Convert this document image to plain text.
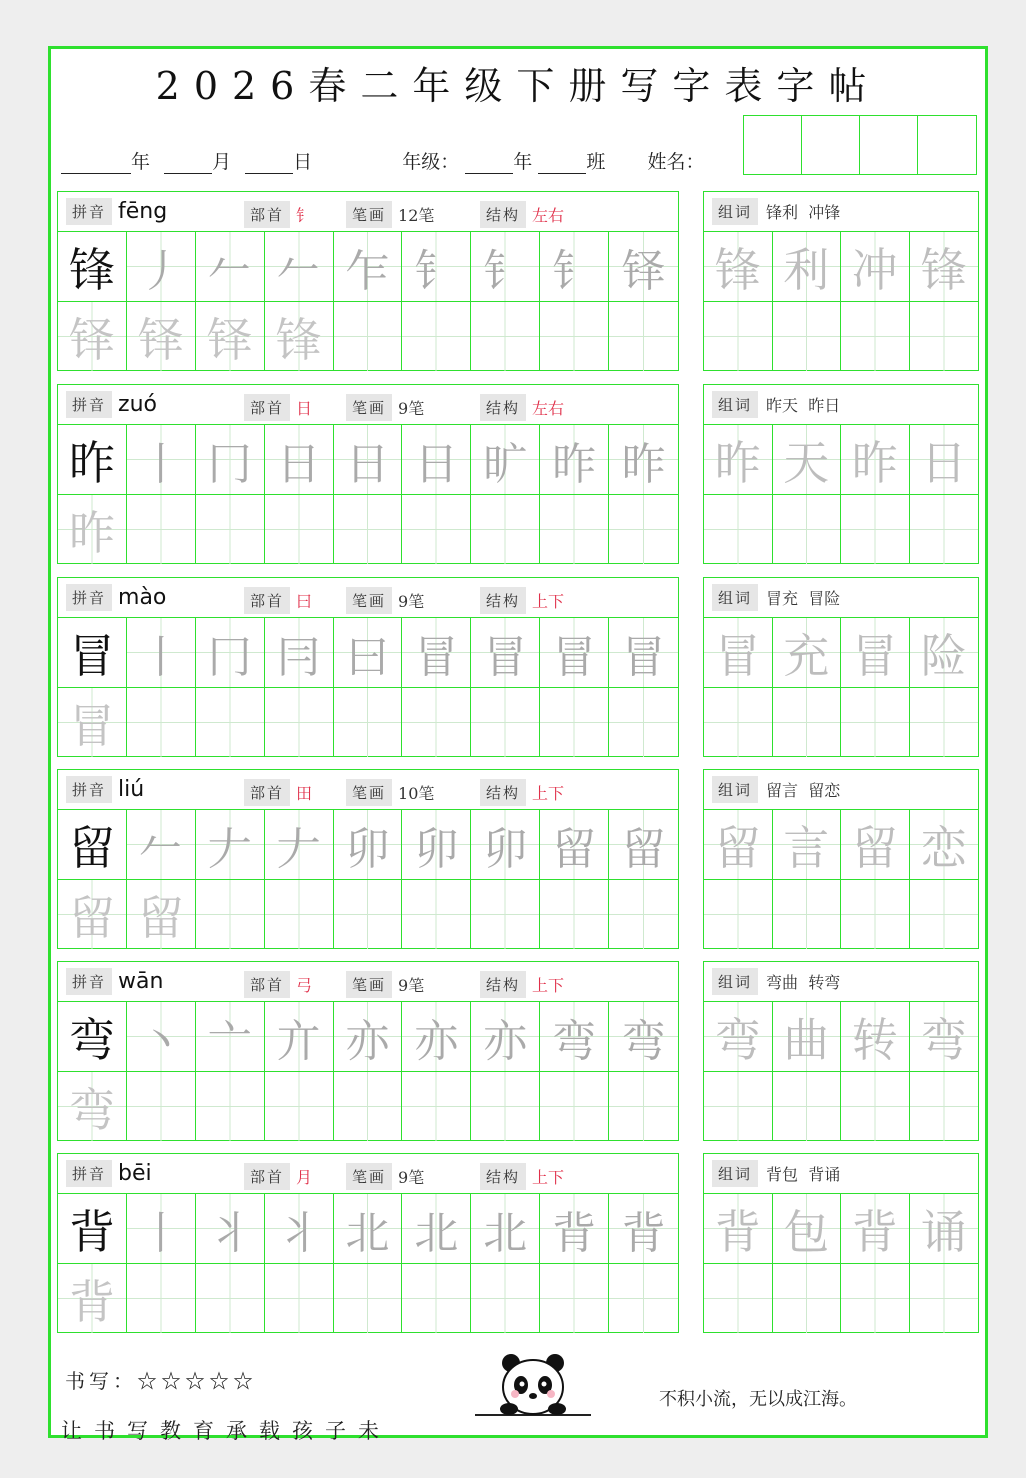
2026春二年级下册写字表字帖
年	月	日	年级：	年	班 姓名：
拼音 fēng	部首 钅	笔画 12笔	结构 左右
锋 丿 𠂉 𠂉 乍 钅 钅 钅 铎
铎 铎 铎 锋
组词 锋利  冲锋
锋 利 冲 锋
拼音 zuó	部首 日	笔画 9笔	结构 左右
昨 丨 冂 日 日 日 旷 昨 昨
昨
组词 昨天  昨日
昨 天 昨 日
拼音 mào	部首 曰	笔画 9笔	结构 上下
冒 丨 冂 冃 曰 冒 冒 冒 冒
冒
组词 冒充  冒险
冒 充 冒 险
拼音 liú	部首 田	笔画 10笔	结构 上下
留 𠂉 𠂇 𠂇 卯 卯 卯 留 留
留 留
组词 留言  留恋
留 言 留 恋
拼音 wān	部首 弓	笔画 9笔	结构 上下
弯 丶 亠 亣 亦 亦 亦 弯 弯
弯
组词 弯曲  转弯
弯 曲 转 弯
拼音 bēi	部首 月	笔画 9笔	结构 上下
背 丨 丬 丬 北 北 北 背 背
背
组词 背包  背诵
背 包 背 诵
书写：☆☆☆☆☆
让书写教育承载孩子未
不积小流，无以成江海。
